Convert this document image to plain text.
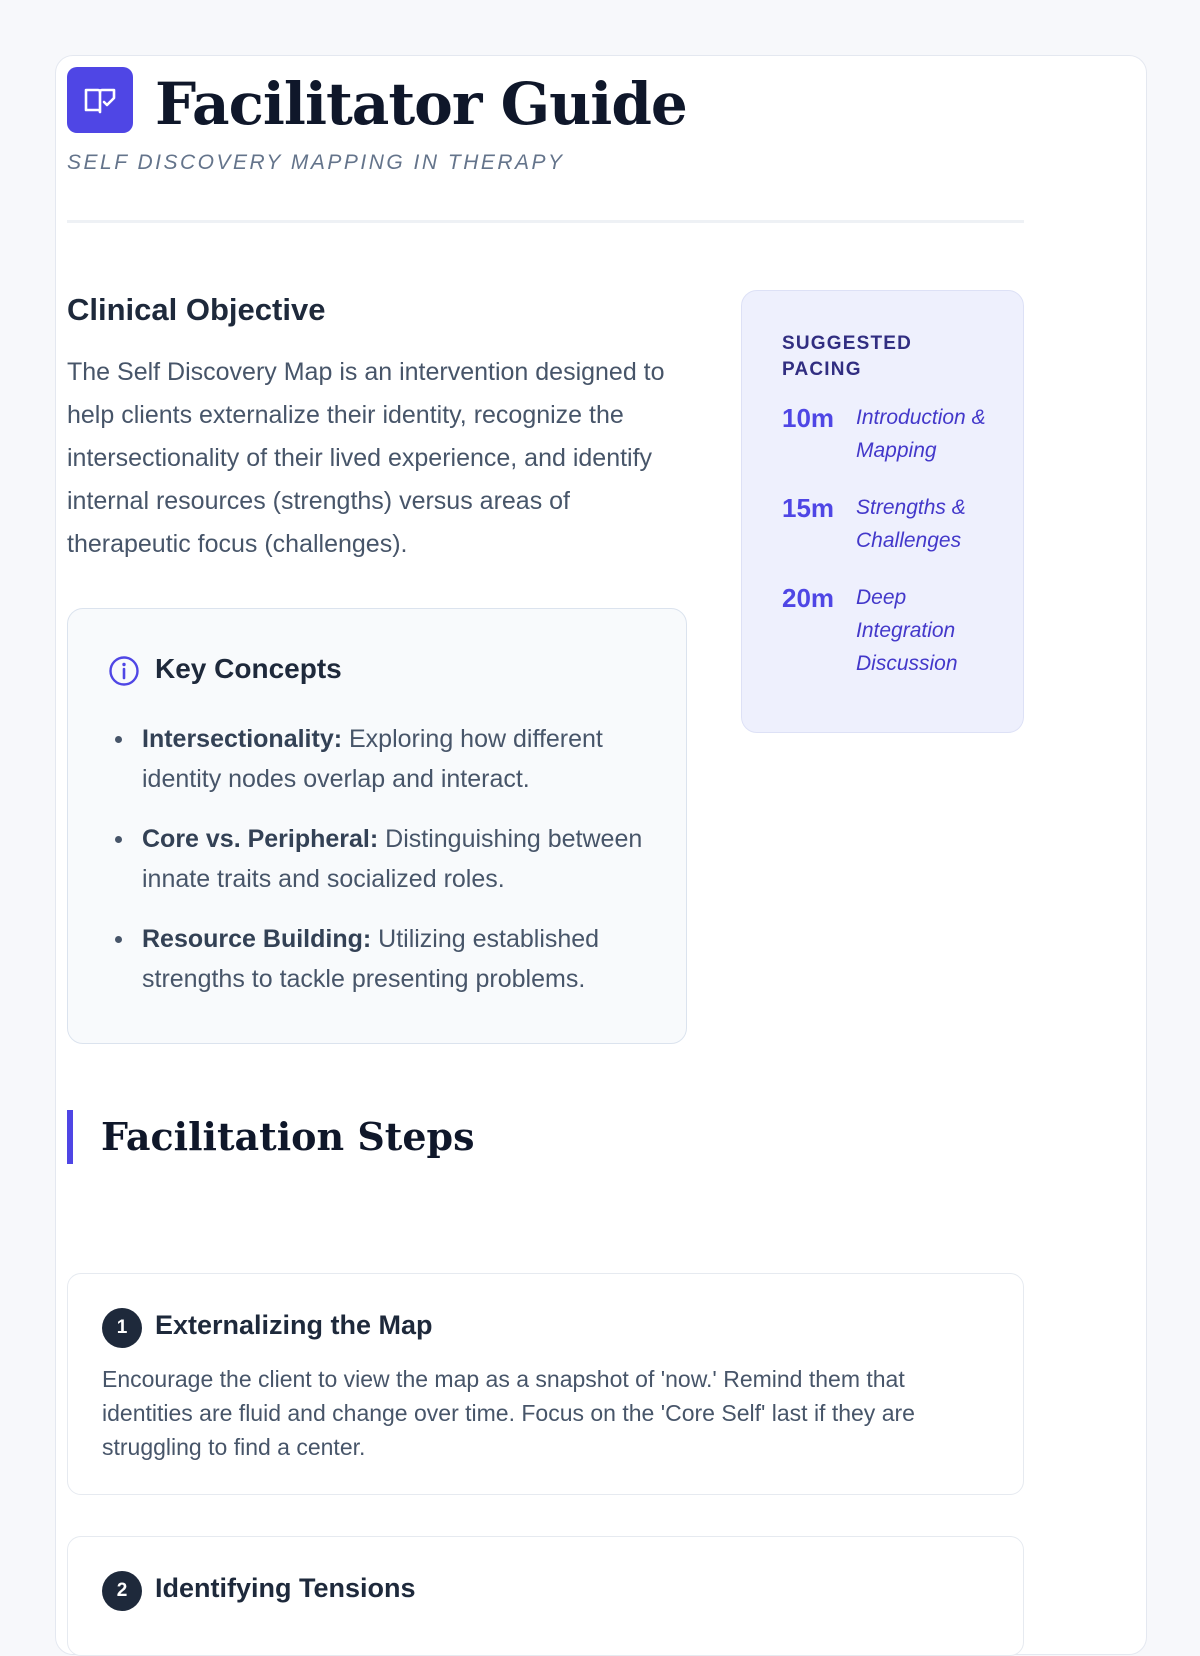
Facilitator Guide
SELF DISCOVERY MAPPING IN THERAPY
Clinical Objective
The Self Discovery Map is an intervention designed to help clients externalize their identity, recognize the intersectionality of their lived experience, and identify internal resources (strengths) versus areas of therapeutic focus (challenges).
SUGGESTED PACING
10m	Introduction & Mapping
15m	Strengths & Challenges
20m	Deep Integration Discussion
Key Concepts
Intersectionality: Exploring how different identity nodes overlap and interact.
Core vs. Peripheral: Distinguishing between innate traits and socialized roles.
Resource Building: Utilizing established strengths to tackle presenting problems.
Facilitation Steps
1	Externalizing the Map
Encourage the client to view the map as a snapshot of 'now.' Remind them that identities are fluid and change over time. Focus on the 'Core Self' last if they are struggling to find a center.
2	Identifying Tensions
